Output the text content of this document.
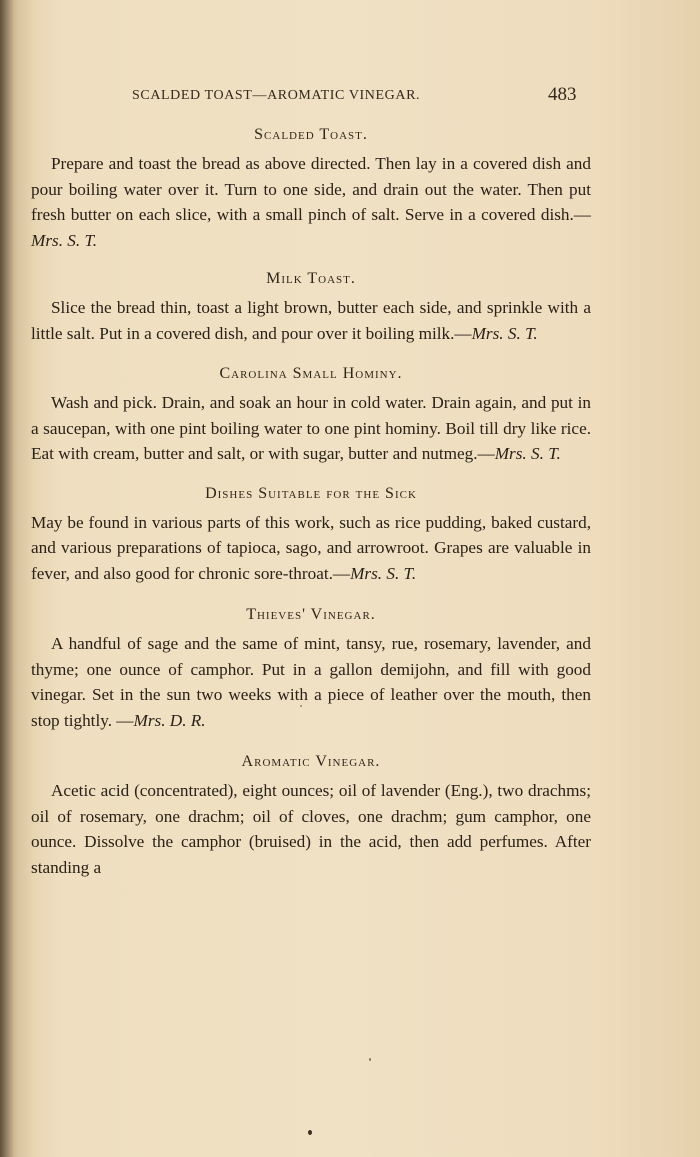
SCALDED TOAST—AROMATIC VINEGAR.	483
Scalded Toast.

Prepare and toast the bread as above directed. Then lay in a covered dish and pour boiling water over it. Turn to one side, and drain out the water. Then put fresh butter on each slice, with a small pinch of salt. Serve in a covered dish.—Mrs. S. T.

Milk Toast.

Slice the bread thin, toast a light brown, butter each side, and sprinkle with a little salt. Put in a covered dish, and pour over it boiling milk.—Mrs. S. T.

Carolina Small Hominy.

Wash and pick. Drain, and soak an hour in cold water. Drain again, and put in a saucepan, with one pint boiling water to one pint hominy. Boil till dry like rice. Eat with cream, butter and salt, or with sugar, butter and nutmeg.—Mrs. S. T.

Dishes Suitable for the Sick

May be found in various parts of this work, such as rice pudding, baked custard, and various preparations of tapioca, sago, and arrowroot. Grapes are valuable in fever, and also good for chronic sore-throat.—Mrs. S. T.

Thieves' Vinegar.

A handful of sage and the same of mint, tansy, rue, rosemary, lavender, and thyme; one ounce of camphor. Put in a gallon demijohn, and fill with good vinegar. Set in the sun two weeks with a piece of leather over the mouth, then stop tightly. —Mrs. D. R.

Aromatic Vinegar.

Acetic acid (concentrated), eight ounces; oil of lavender (Eng.), two drachms; oil of rosemary, one drachm; oil of cloves, one drachm; gum camphor, one ounce. Dissolve the camphor (bruised) in the acid, then add perfumes. After standing a
